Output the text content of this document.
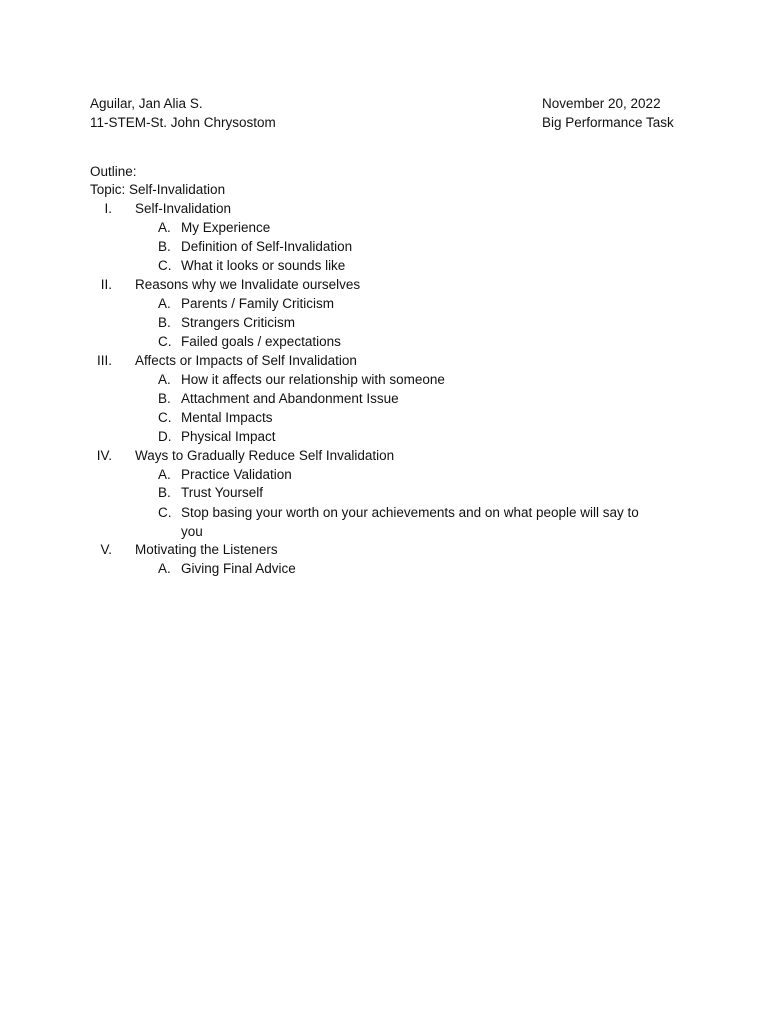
Aguilar, Jan Alia S.
11-STEM-St. John Chrysostom
November 20, 2022
Big Performance Task
Outline:
Topic: Self-Invalidation
I. Self-Invalidation
A. My Experience
B. Definition of Self-Invalidation
C. What it looks or sounds like
II. Reasons why we Invalidate ourselves
A. Parents / Family Criticism
B. Strangers Criticism
C. Failed goals / expectations
III. Affects or Impacts of Self Invalidation
A. How it affects our relationship with someone
B. Attachment and Abandonment Issue
C. Mental Impacts
D. Physical Impact
IV. Ways to Gradually Reduce Self Invalidation
A. Practice Validation
B. Trust Yourself
C. Stop basing your worth on your achievements and on what people will say to you
V. Motivating the Listeners
A. Giving Final Advice
